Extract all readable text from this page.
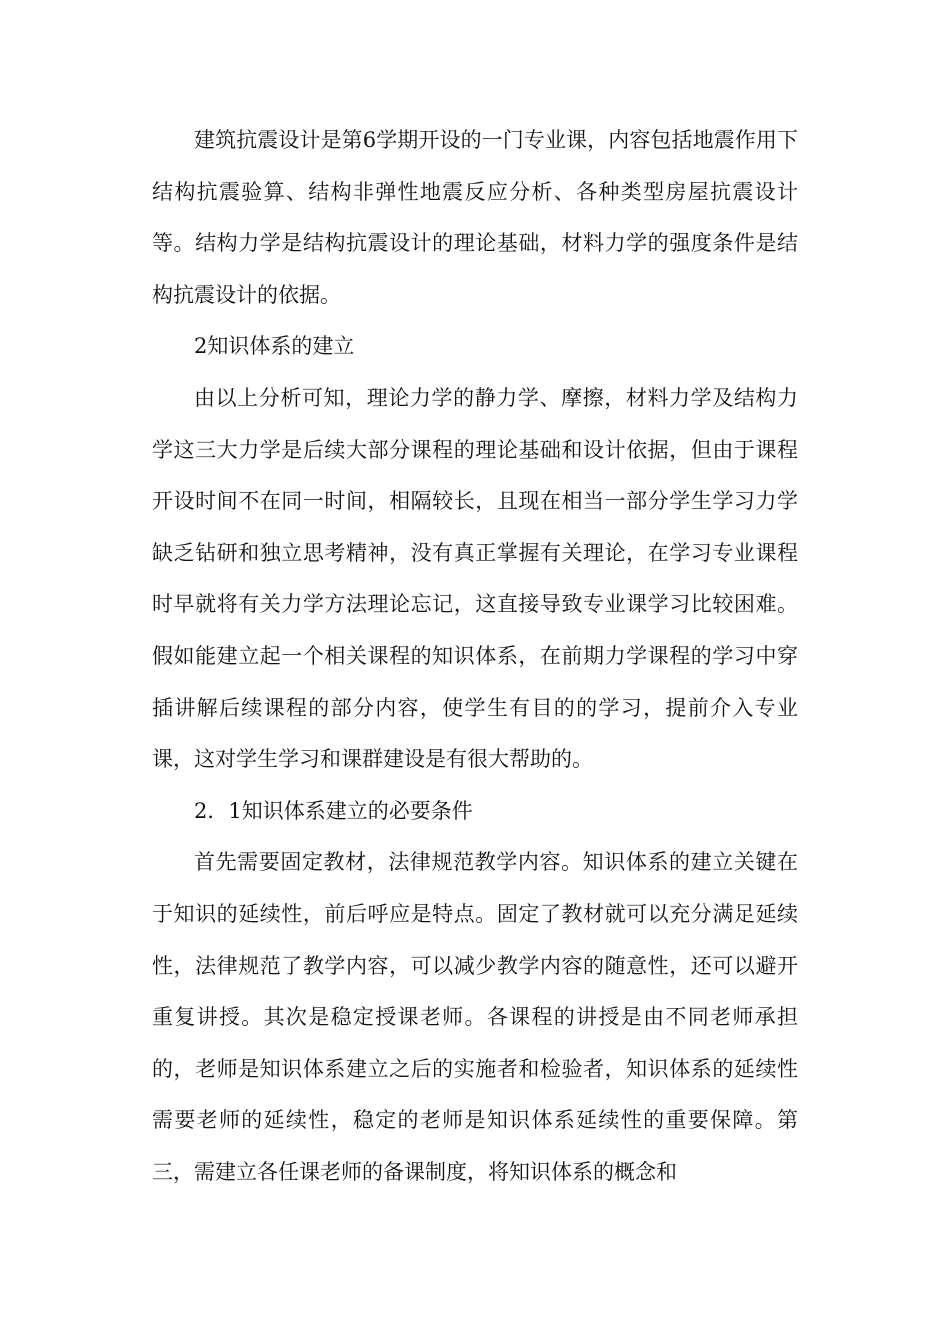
建筑抗震设计是第6学期开设的一门专业课，内容包括地震作用下结构抗震验算、结构非弹性地震反应分析、各种类型房屋抗震设计等。结构力学是结构抗震设计的理论基础，材料力学的强度条件是结构抗震设计的依据。

2知识体系的建立

由以上分析可知，理论力学的静力学、摩擦，材料力学及结构力学这三大力学是后续大部分课程的理论基础和设计依据，但由于课程开设时间不在同一时间，相隔较长，且现在相当一部分学生学习力学缺乏钻研和独立思考精神，没有真正掌握有关理论，在学习专业课程时早就将有关力学方法理论忘记，这直接导致专业课学习比较困难。假如能建立起一个相关课程的知识体系，在前期力学课程的学习中穿插讲解后续课程的部分内容，使学生有目的的学习，提前介入专业课，这对学生学习和课群建设是有很大帮助的。

2．1知识体系建立的必要条件

首先需要固定教材，法律规范教学内容。知识体系的建立关键在于知识的延续性，前后呼应是特点。固定了教材就可以充分满足延续性，法律规范了教学内容，可以减少教学内容的随意性，还可以避开重复讲授。其次是稳定授课老师。各课程的讲授是由不同老师承担的，老师是知识体系建立之后的实施者和检验者，知识体系的延续性需要老师的延续性，稳定的老师是知识体系延续性的重要保障。第三，需建立各任课老师的备课制度，将知识体系的概念和
